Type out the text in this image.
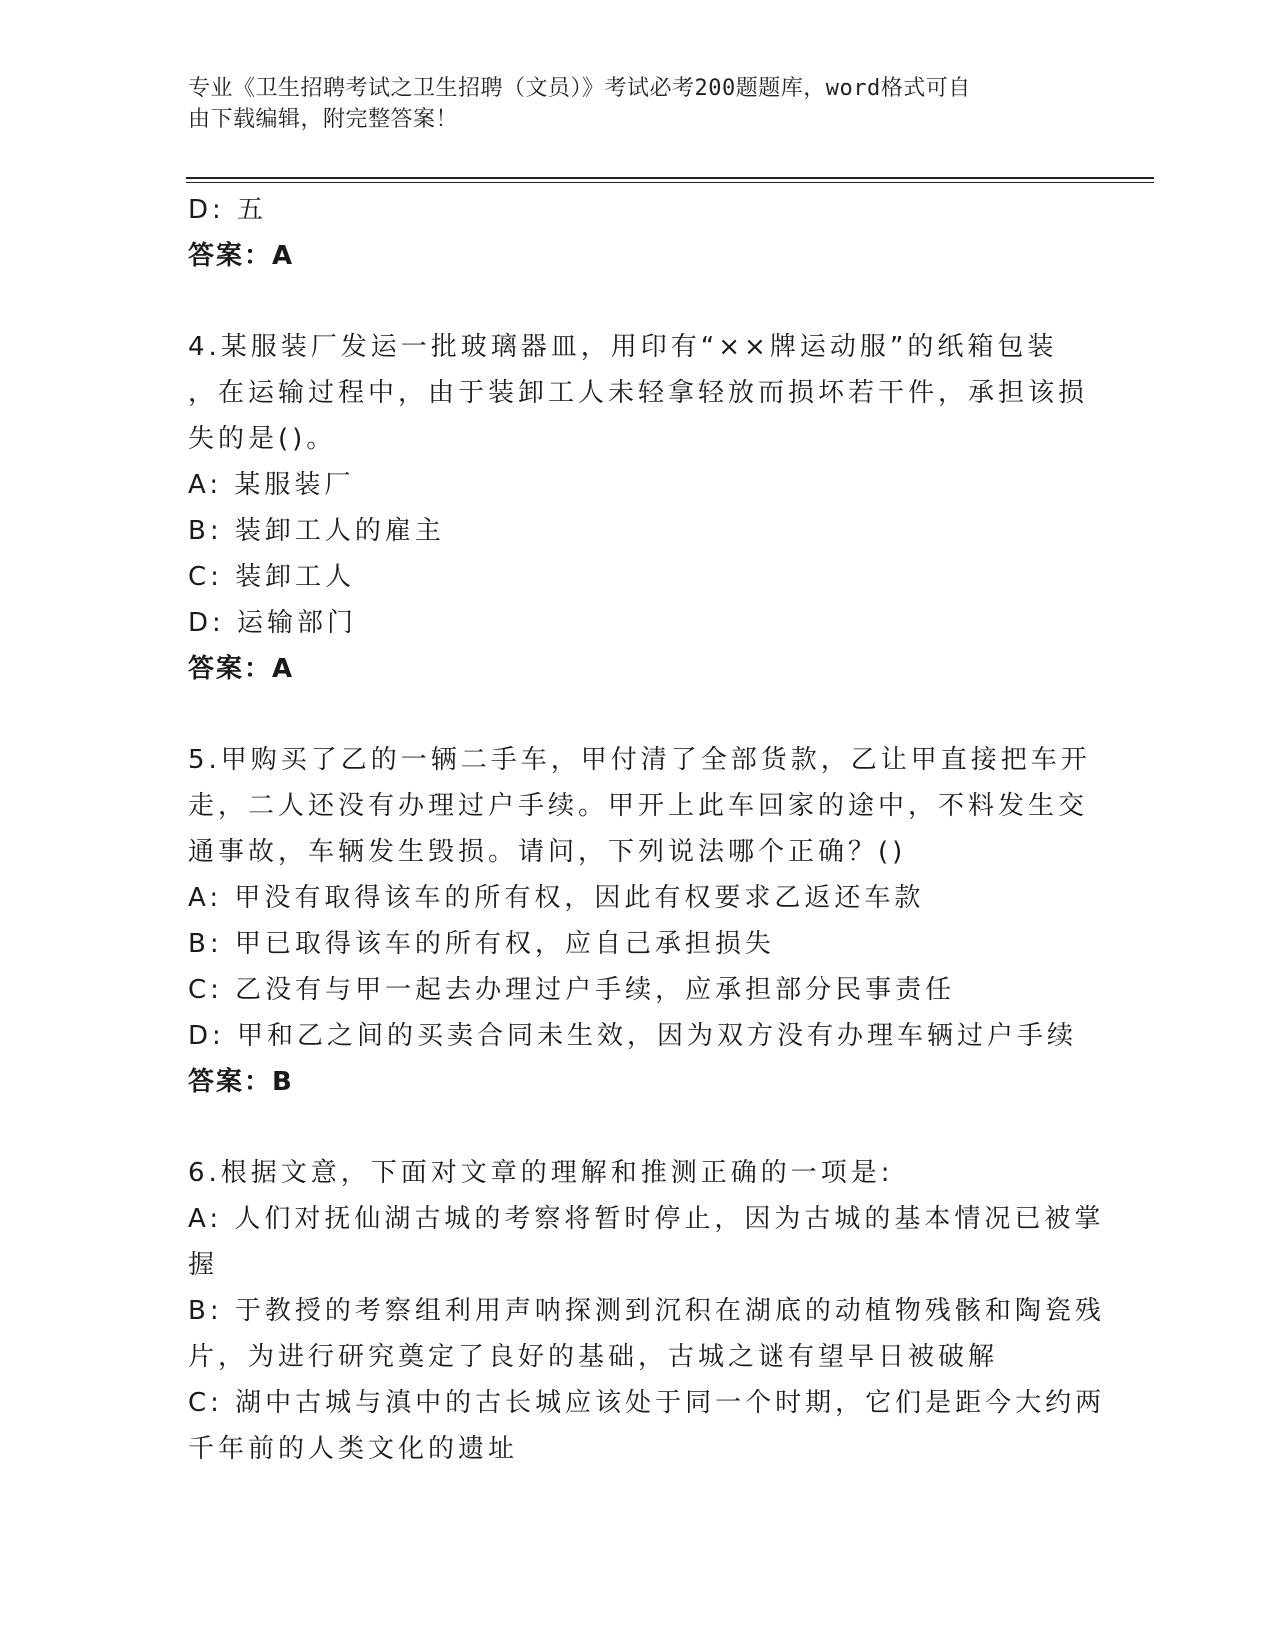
专业《卫生招聘考试之卫生招聘（文员）》考试必考200题题库，word格式可自
由下载编辑，附完整答案！
D: 五
答案：A
4.某服装厂发运一批玻璃器皿，用印有“××牌运动服”的纸箱包装
，在运输过程中，由于装卸工人未轻拿轻放而损坏若干件，承担该损
失的是()。
A: 某服装厂
B: 装卸工人的雇主
C: 装卸工人
D: 运输部门
答案：A
5.甲购买了乙的一辆二手车，甲付清了全部货款，乙让甲直接把车开
走，二人还没有办理过户手续。甲开上此车回家的途中，不料发生交
通事故，车辆发生毁损。请问，下列说法哪个正确？()
A: 甲没有取得该车的所有权，因此有权要求乙返还车款
B: 甲已取得该车的所有权，应自己承担损失
C: 乙没有与甲一起去办理过户手续，应承担部分民事责任
D: 甲和乙之间的买卖合同未生效，因为双方没有办理车辆过户手续
答案：B
6.根据文意，下面对文章的理解和推测正确的一项是:
A: 人们对抚仙湖古城的考察将暂时停止，因为古城的基本情况已被掌
握
B: 于教授的考察组利用声呐探测到沉积在湖底的动植物残骸和陶瓷残
片，为进行研究奠定了良好的基础，古城之谜有望早日被破解
C: 湖中古城与滇中的古长城应该处于同一个时期，它们是距今大约两
千年前的人类文化的遗址
